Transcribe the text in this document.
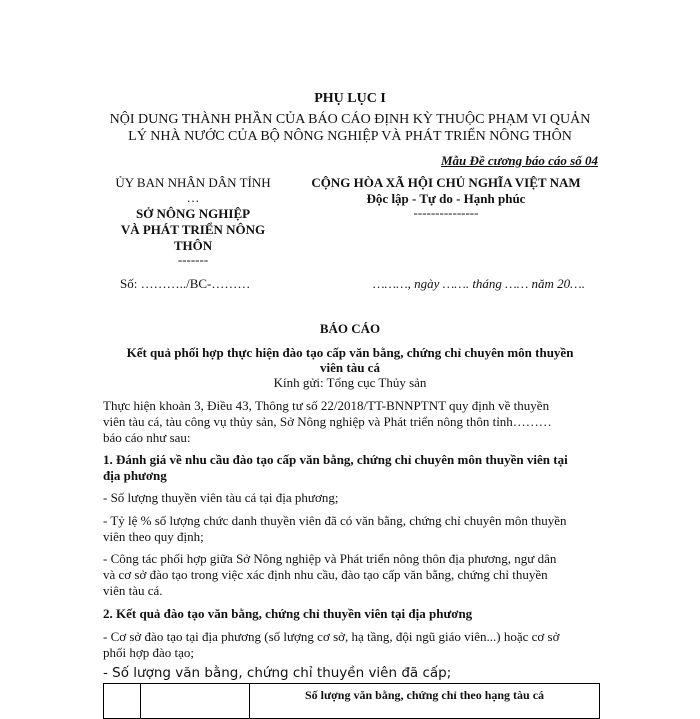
PHỤ LỤC I
NỘI DUNG THÀNH PHẦN CỦA BÁO CÁO ĐỊNH KỲ THUỘC PHẠM VI QUẢN
LÝ NHÀ NƯỚC CỦA BỘ NÔNG NGHIỆP VÀ PHÁT TRIỂN NÔNG THÔN
Mẫu Đề cương báo cáo số 04
ỦY BAN NHÂN DÂN TỈNH
…
SỞ NÔNG NGHIỆP
VÀ PHÁT TRIỂN NÔNG
THÔN
-------
Số: ………../BC-………
CỘNG HÒA XÃ HỘI CHỦ NGHĨA VIỆT NAM
Độc lập - Tự do - Hạnh phúc
---------------
………, ngày ……. tháng …… năm 20….
BÁO CÁO
Kết quả phối hợp thực hiện đào tạo cấp văn bằng, chứng chỉ chuyên môn thuyền
viên tàu cá
Kính gửi: Tổng cục Thủy sản
Thực hiện khoản 3, Điều 43, Thông tư số 22/2018/TT-BNNPTNT quy định về thuyền
viên tàu cá, tàu công vụ thủy sản, Sở Nông nghiệp và Phát triển nông thôn tỉnh………
báo cáo như sau:
1. Đánh giá về nhu cầu đào tạo cấp văn bằng, chứng chỉ chuyên môn thuyền viên tại
địa phương
- Số lượng thuyền viên tàu cá tại địa phương;
- Tỷ lệ % số lượng chức danh thuyền viên đã có văn bằng, chứng chỉ chuyên môn thuyền
viên theo quy định;
- Công tác phối hợp giữa Sở Nông nghiệp và Phát triển nông thôn địa phương, ngư dân
và cơ sở đào tạo trong việc xác định nhu cầu, đào tạo cấp văn bằng, chứng chỉ thuyền
viên tàu cá.
2. Kết quả đào tạo văn bằng, chứng chỉ thuyền viên tại địa phương
- Cơ sở đào tạo tại địa phương (số lượng cơ sở, hạ tầng, đội ngũ giáo viên...) hoặc cơ sở
phối hợp đào tạo;
- Số lượng văn bằng, chứng chỉ thuyền viên đã cấp;
		Số lượng văn bằng, chứng chỉ theo hạng tàu cá
